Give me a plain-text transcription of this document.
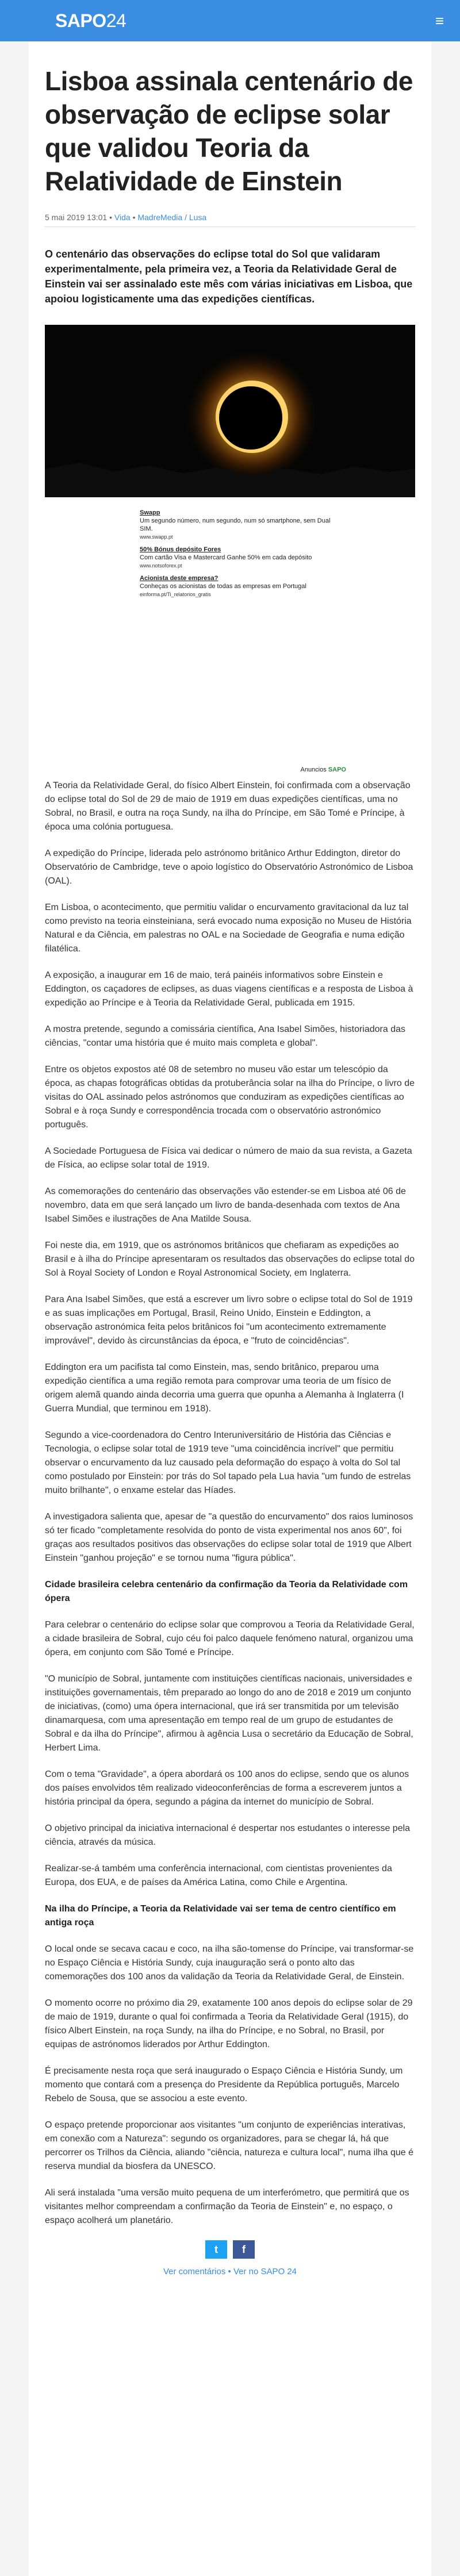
SAPO24	≡
Lisboa assinala centenário de observação de eclipse solar que validou Teoria da Relatividade de Einstein
5 mai 2019 13:01 • Vida • MadreMedia / Lusa

O centenário das observações do eclipse total do Sol que validaram experimentalmente, pela primeira vez, a Teoria da Relatividade Geral de Einstein vai ser assinalado este mês com várias iniciativas em Lisboa, que apoiou logisticamente uma das expedições científicas.

Swapp
Um segundo número, num segundo, num só smartphone, sem Dual SIM.
www.swapp.pt
50% Bónus depósito Fores
Com cartão Visa e Mastercard Ganhe 50% em cada depósito
www.notsoforex.pt
Acionista deste empresa?
Conheças os acionistas de todas as empresas em Portugal
einforma.pt/Ti_relatorios_gratis
Anuncios SAPO

A Teoria da Relatividade Geral, do físico Albert Einstein, foi confirmada com a observação do eclipse total do Sol de 29 de maio de 1919 em duas expedições científicas, uma no Sobral, no Brasil, e outra na roça Sundy, na ilha do Príncipe, em São Tomé e Príncipe, à época uma colónia portuguesa.

A expedição do Príncipe, liderada pelo astrónomo britânico Arthur Eddington, diretor do Observatório de Cambridge, teve o apoio logístico do Observatório Astronómico de Lisboa (OAL).

Em Lisboa, o acontecimento, que permitiu validar o encurvamento gravitacional da luz tal como previsto na teoria einsteiniana, será evocado numa exposição no Museu de História Natural e da Ciência, em palestras no OAL e na Sociedade de Geografia e numa edição filatélica.

A exposição, a inaugurar em 16 de maio, terá painéis informativos sobre Einstein e Eddington, os caçadores de eclipses, as duas viagens científicas e a resposta de Lisboa à expedição ao Príncipe e à Teoria da Relatividade Geral, publicada em 1915.

A mostra pretende, segundo a comissária científica, Ana Isabel Simões, historiadora das ciências, "contar uma história que é muito mais completa e global".

Entre os objetos expostos até 08 de setembro no museu vão estar um telescópio da época, as chapas fotográficas obtidas da protuberância solar na ilha do Príncipe, o livro de visitas do OAL assinado pelos astrónomos que conduziram as expedições científicas ao Sobral e à roça Sundy e correspondência trocada com o observatório astronómico português.

A Sociedade Portuguesa de Física vai dedicar o número de maio da sua revista, a Gazeta de Física, ao eclipse solar total de 1919.

As comemorações do centenário das observações vão estender-se em Lisboa até 06 de novembro, data em que será lançado um livro de banda-desenhada com textos de Ana Isabel Simões e ilustrações de Ana Matilde Sousa.

Foi neste dia, em 1919, que os astrónomos britânicos que chefiaram as expedições ao Brasil e à ilha do Príncipe apresentaram os resultados das observações do eclipse total do Sol à Royal Society of London e Royal Astronomical Society, em Inglaterra.

Para Ana Isabel Simões, que está a escrever um livro sobre o eclipse total do Sol de 1919 e as suas implicações em Portugal, Brasil, Reino Unido, Einstein e Eddington, a observação astronómica feita pelos britânicos foi "um acontecimento extremamente improvável", devido às circunstâncias da época, e "fruto de coincidências".

Eddington era um pacifista tal como Einstein, mas, sendo britânico, preparou uma expedição científica a uma região remota para comprovar uma teoria de um físico de origem alemã quando ainda decorria uma guerra que opunha a Alemanha à Inglaterra (I Guerra Mundial, que terminou em 1918).

Segundo a vice-coordenadora do Centro Interuniversitário de História das Ciências e Tecnologia, o eclipse solar total de 1919 teve "uma coincidência incrível" que permitiu observar o encurvamento da luz causado pela deformação do espaço à volta do Sol tal como postulado por Einstein: por trás do Sol tapado pela Lua havia "um fundo de estrelas muito brilhante", o enxame estelar das Híades.

A investigadora salienta que, apesar de "a questão do encurvamento" dos raios luminosos só ter ficado "completamente resolvida do ponto de vista experimental nos anos 60", foi graças aos resultados positivos das observações do eclipse solar total de 1919 que Albert Einstein "ganhou projeção" e se tornou numa "figura pública".

Cidade brasileira celebra centenário da confirmação da Teoria da Relatividade com ópera

Para celebrar o centenário do eclipse solar que comprovou a Teoria da Relatividade Geral, a cidade brasileira de Sobral, cujo céu foi palco daquele fenómeno natural, organizou uma ópera, em conjunto com São Tomé e Príncipe.

"O município de Sobral, juntamente com instituições científicas nacionais, universidades e instituições governamentais, têm preparado ao longo do ano de 2018 e 2019 um conjunto de iniciativas, (como) uma ópera internacional, que irá ser transmitida por um televisão dinamarquesa, com uma apresentação em tempo real de um grupo de estudantes de Sobral e da ilha do Príncipe", afirmou à agência Lusa o secretário da Educação de Sobral, Herbert Lima.

Com o tema "Gravidade", a ópera abordará os 100 anos do eclipse, sendo que os alunos dos países envolvidos têm realizado videoconferências de forma a escreverem juntos a história principal da ópera, segundo a página da internet do município de Sobral.

O objetivo principal da iniciativa internacional é despertar nos estudantes o interesse pela ciência, através da música.

Realizar-se-á também uma conferência internacional, com cientistas provenientes da Europa, dos EUA, e de países da América Latina, como Chile e Argentina.

Na ilha do Príncipe, a Teoria da Relatividade vai ser tema de centro científico em antiga roça

O local onde se secava cacau e coco, na ilha são-tomense do Príncipe, vai transformar-se no Espaço Ciência e História Sundy, cuja inauguração será o ponto alto das comemorações dos 100 anos da validação da Teoria da Relatividade Geral, de Einstein.

O momento ocorre no próximo dia 29, exatamente 100 anos depois do eclipse solar de 29 de maio de 1919, durante o qual foi confirmada a Teoria da Relatividade Geral (1915), do físico Albert Einstein, na roça Sundy, na ilha do Príncipe, e no Sobral, no Brasil, por equipas de astrónomos liderados por Arthur Eddington.

É precisamente nesta roça que será inaugurado o Espaço Ciência e História Sundy, um momento que contará com a presença do Presidente da República português, Marcelo Rebelo de Sousa, que se associou a este evento.

O espaço pretende proporcionar aos visitantes "um conjunto de experiências interativas, em conexão com a Natureza": segundo os organizadores, para se chegar lá, há que percorrer os Trilhos da Ciência, aliando "ciência, natureza e cultura local", numa ilha que é reserva mundial da biosfera da UNESCO.

Ali será instalada "uma versão muito pequena de um interferómetro, que permitirá que os visitantes melhor compreendam a confirmação da Teoria de Einstein" e, no espaço, o espaço acolherá um planetário.

t	f
Ver comentários • Ver no SAPO 24
